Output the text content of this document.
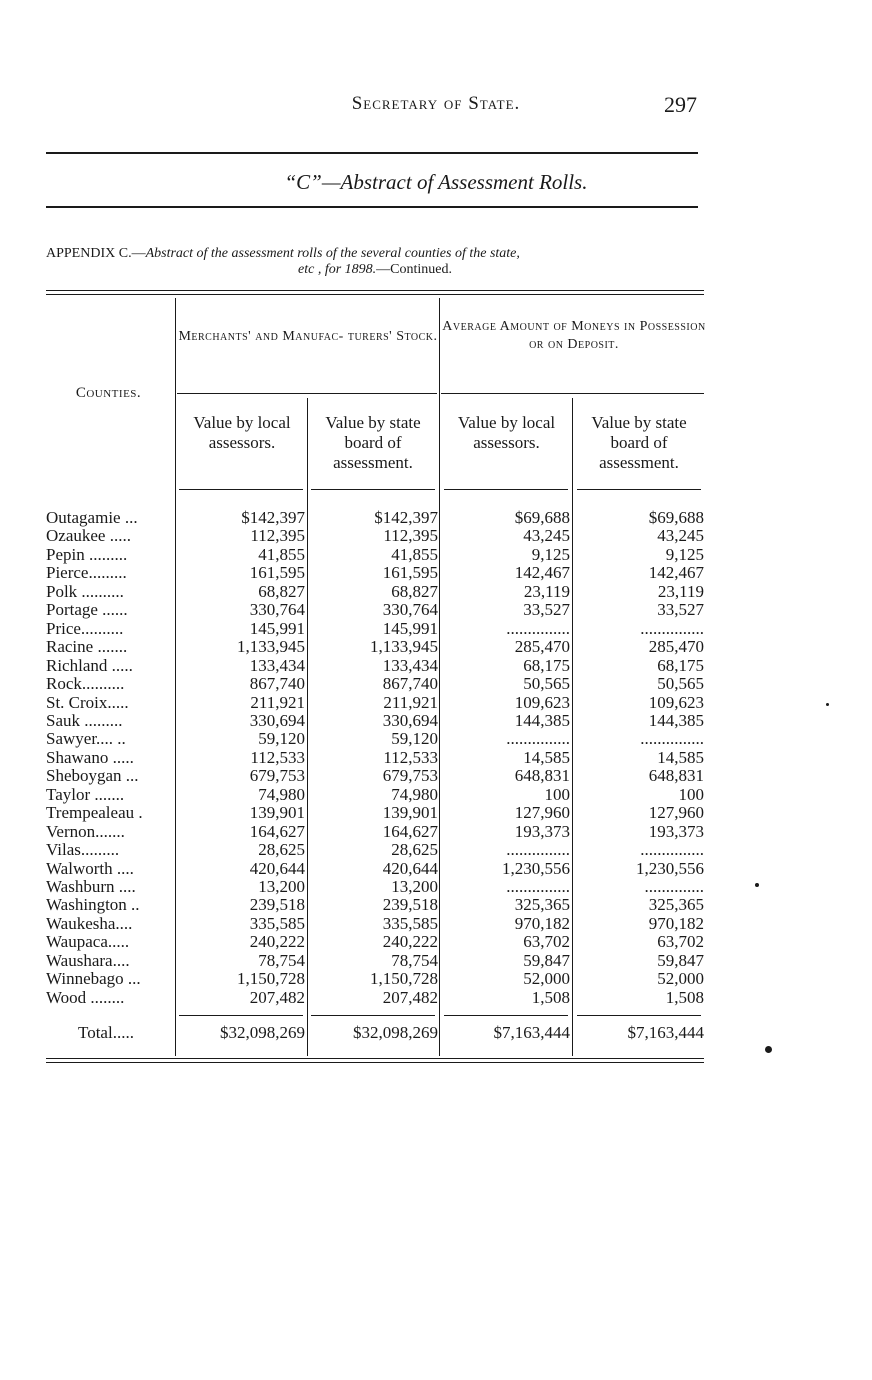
Secretary of State.	297
“C”—Abstract of Assessment Rolls.
APPENDIX C.—Abstract of the assessment rolls of the several counties of the state,
etc , for 1898.—Continued.
Merchants' and Manufac- turers' Stock.
Average Amount of Moneys in Possession or on Deposit.
Counties.
Value by local assessors.
Value by state board of assessment.
Value by local assessors.
Value by state board of assessment.
Outagamie ...	$142,397	$142,397	$69,688	$69,688
Ozaukee .....	112,395	112,395	43,245	43,245
Pepin .........	41,855	41,855	9,125	9,125
Pierce.........	161,595	161,595	142,467	142,467
Polk ..........	68,827	68,827	23,119	23,119
Portage ......	330,764	330,764	33,527	33,527
Price..........	145,991	145,991	...............	...............
Racine .......	1,133,945	1,133,945	285,470	285,470
Richland .....	133,434	133,434	68,175	68,175
Rock..........	867,740	867,740	50,565	50,565
St. Croix.....	211,921	211,921	109,623	109,623
Sauk .........	330,694	330,694	144,385	144,385
Sawyer.... ..	59,120	59,120	...............	...............
Shawano .....	112,533	112,533	14,585	14,585
Sheboygan ...	679,753	679,753	648,831	648,831
Taylor .......	74,980	74,980	100	100
Trempealeau .	139,901	139,901	127,960	127,960
Vernon.......	164,627	164,627	193,373	193,373
Vilas.........	28,625	28,625	...............	...............
Walworth ....	420,644	420,644	1,230,556	1,230,556
Washburn ....	13,200	13,200	...............	..............
Washington ..	239,518	239,518	325,365	325,365
Waukesha....	335,585	335,585	970,182	970,182
Waupaca.....	240,222	240,222	63,702	63,702
Waushara....	78,754	78,754	59,847	59,847
Winnebago ...	1,150,728	1,150,728	52,000	52,000
Wood ........	207,482	207,482	1,508	1,508
Total.....	$32,098,269	$32,098,269	$7,163,444	$7,163,444
